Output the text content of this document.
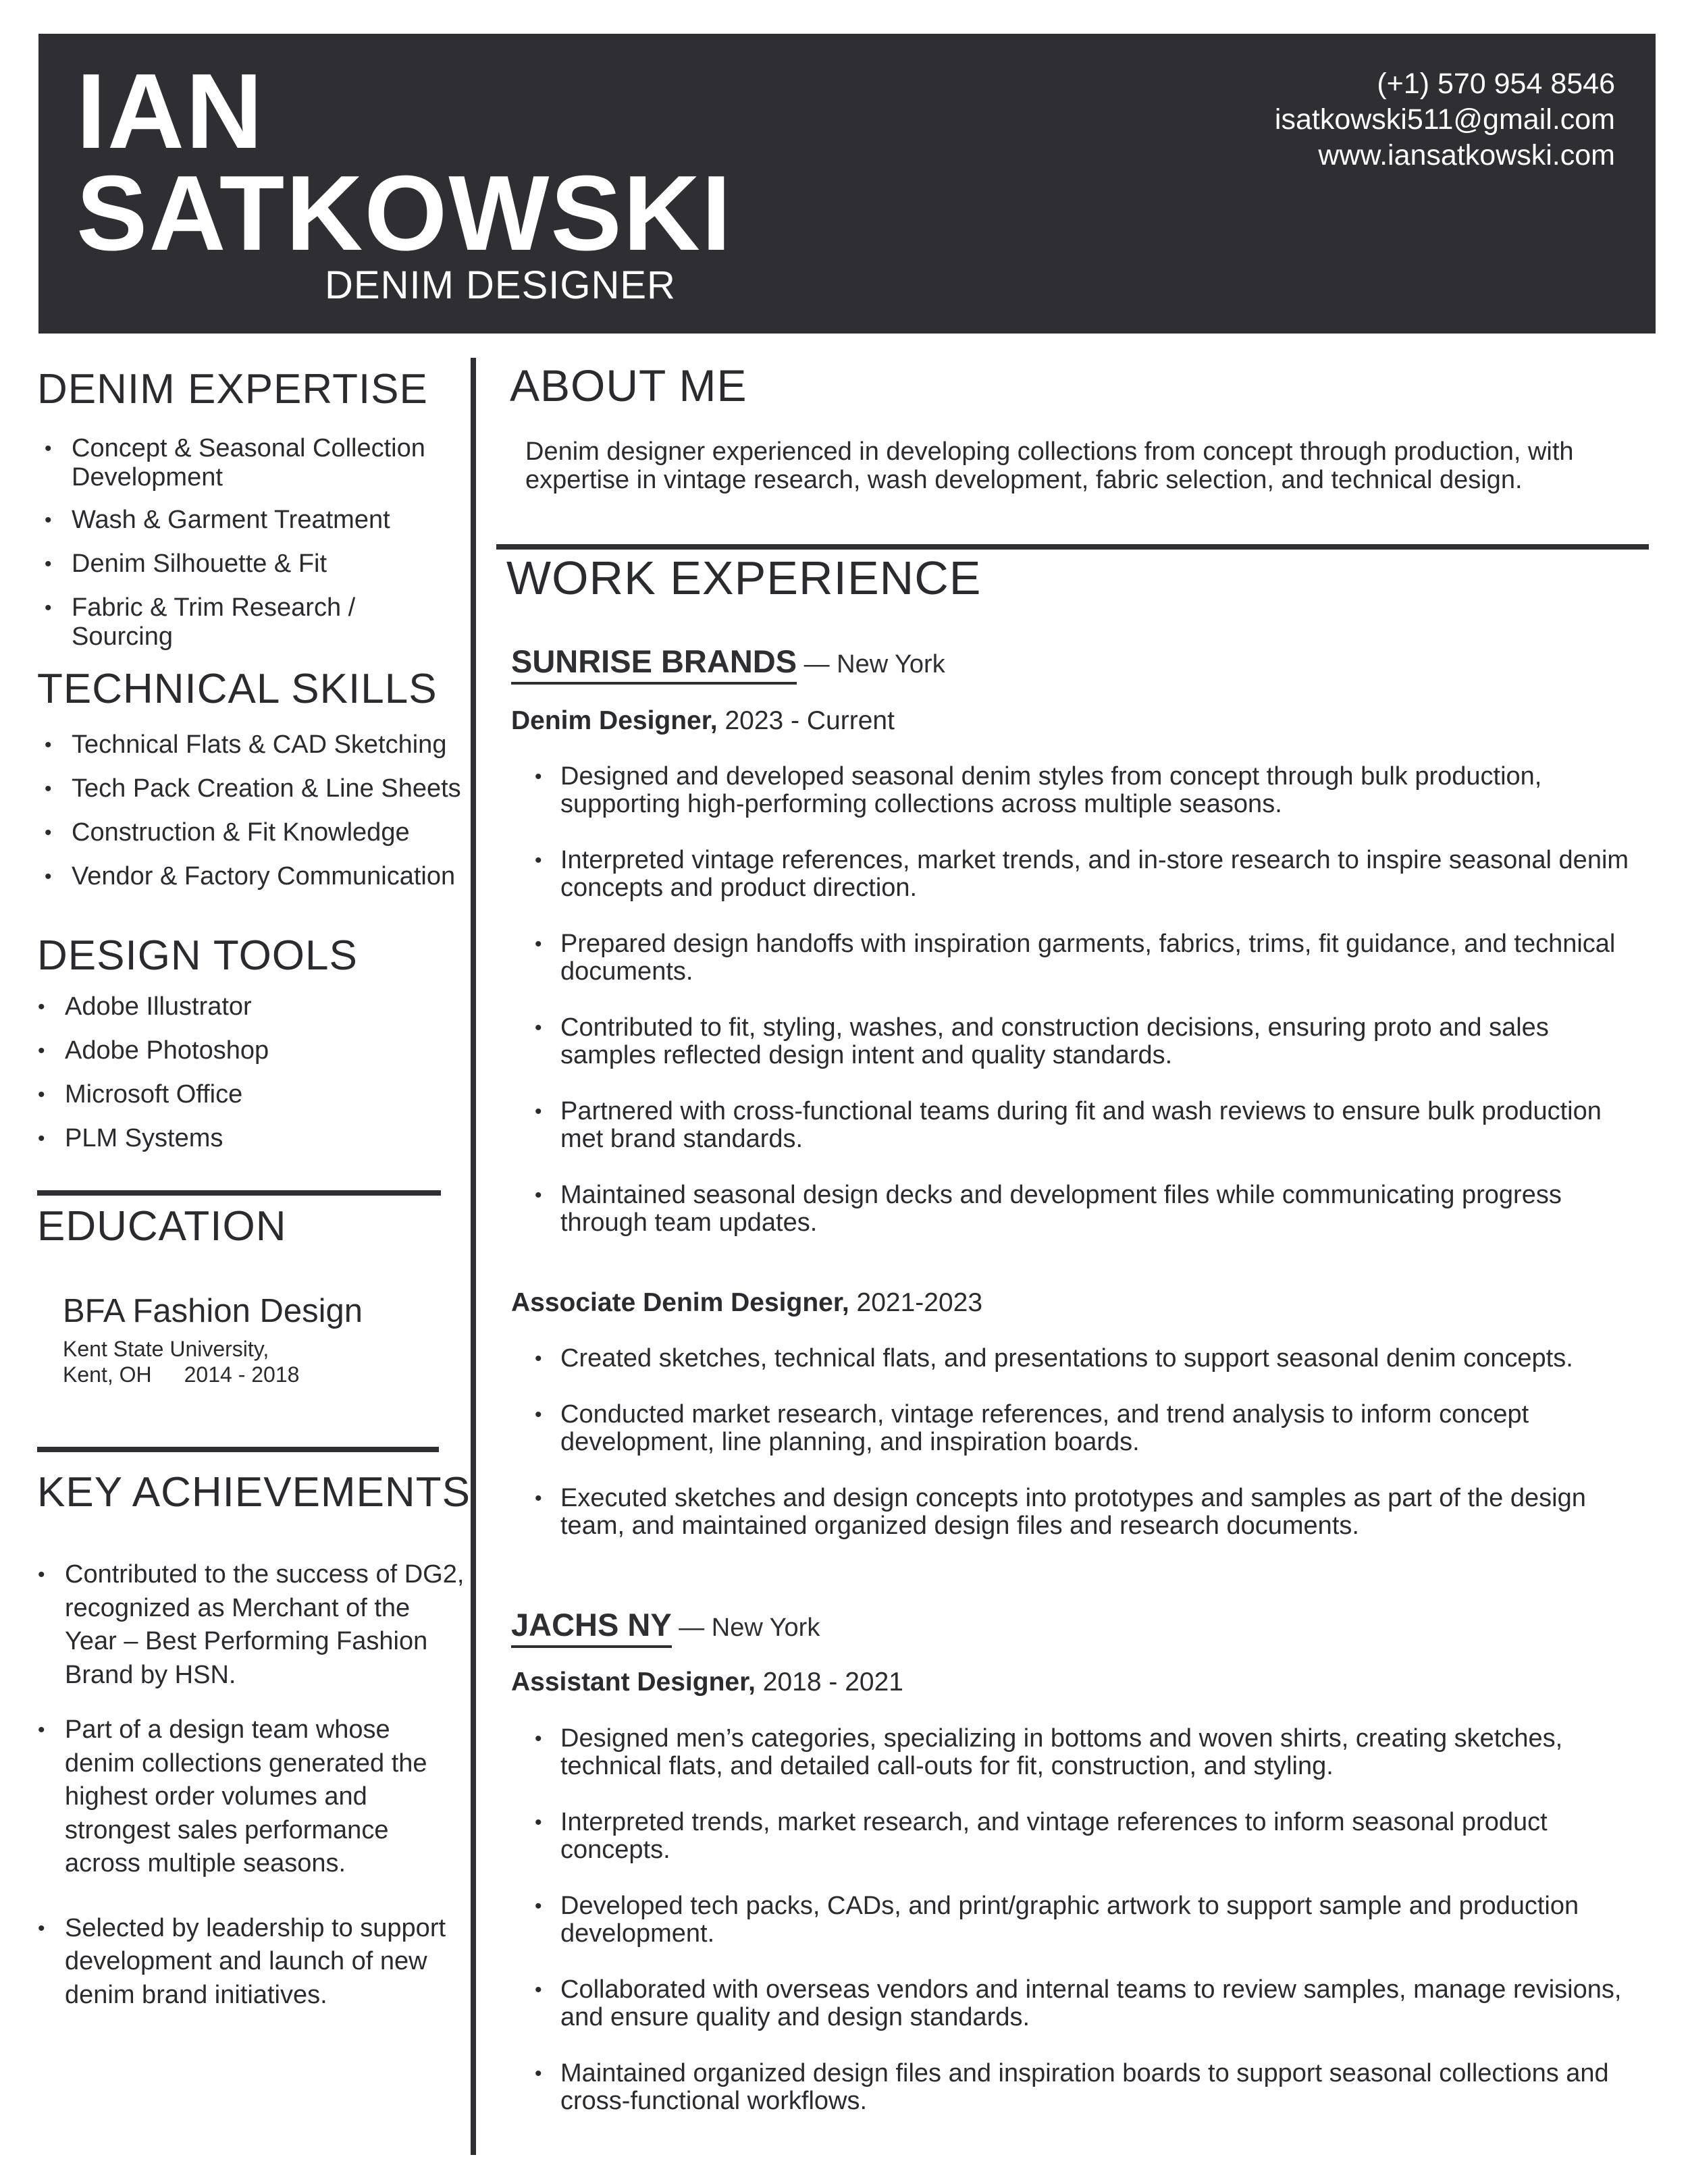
IAN
SATKOWSKI
DENIM DESIGNER
(+1) 570 954 8546
isatkowski511@gmail.com
www.iansatkowski.com
DENIM EXPERTISE
• Concept & Seasonal Collection Development
• Wash & Garment Treatment
• Denim Silhouette & Fit
• Fabric & Trim Research / Sourcing
TECHNICAL SKILLS
• Technical Flats & CAD Sketching
• Tech Pack Creation & Line Sheets
• Construction & Fit Knowledge
• Vendor & Factory Communication
DESIGN TOOLS
• Adobe Illustrator
• Adobe Photoshop
• Microsoft Office
• PLM Systems
EDUCATION
BFA Fashion Design
Kent State University,
Kent, OH 2014 - 2018
KEY ACHIEVEMENTS
• Contributed to the success of DG2, recognized as Merchant of the Year – Best Performing Fashion Brand by HSN.
• Part of a design team whose denim collections generated the highest order volumes and strongest sales performance across multiple seasons.
• Selected by leadership to support development and launch of new denim brand initiatives.
ABOUT ME
Denim designer experienced in developing collections from concept through production, with expertise in vintage research, wash development, fabric selection, and technical design.
WORK EXPERIENCE
SUNRISE BRANDS — New York
Denim Designer, 2023 - Current
• Designed and developed seasonal denim styles from concept through bulk production, supporting high-performing collections across multiple seasons.
• Interpreted vintage references, market trends, and in-store research to inspire seasonal denim concepts and product direction.
• Prepared design handoffs with inspiration garments, fabrics, trims, fit guidance, and technical documents.
• Contributed to fit, styling, washes, and construction decisions, ensuring proto and sales samples reflected design intent and quality standards.
• Partnered with cross-functional teams during fit and wash reviews to ensure bulk production met brand standards.
• Maintained seasonal design decks and development files while communicating progress through team updates.
Associate Denim Designer, 2021-2023
• Created sketches, technical flats, and presentations to support seasonal denim concepts.
• Conducted market research, vintage references, and trend analysis to inform concept development, line planning, and inspiration boards.
• Executed sketches and design concepts into prototypes and samples as part of the design team, and maintained organized design files and research documents.
JACHS NY — New York
Assistant Designer, 2018 - 2021
• Designed men’s categories, specializing in bottoms and woven shirts, creating sketches, technical flats, and detailed call-outs for fit, construction, and styling.
• Interpreted trends, market research, and vintage references to inform seasonal product concepts.
• Developed tech packs, CADs, and print/graphic artwork to support sample and production development.
• Collaborated with overseas vendors and internal teams to review samples, manage revisions, and ensure quality and design standards.
• Maintained organized design files and inspiration boards to support seasonal collections and cross-functional workflows.
